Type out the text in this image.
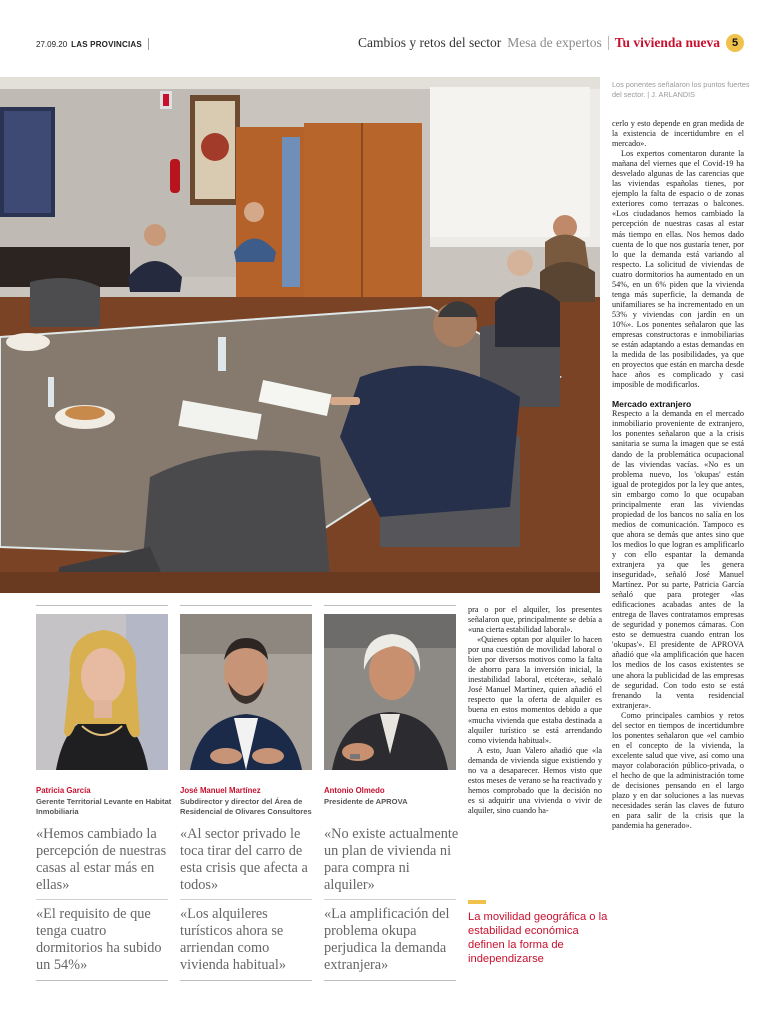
27.09.20 LAS PROVINCIAS	Cambios y retos del sector Mesa de expertos Tu vivienda nueva	5
Los ponentes señalaron los puntos fuertes del sector. | J. ARLANDIS

cerlo y esto depende en gran medida de la existencia de incertidumbre en el mercado».

Los expertos comentaron durante la mañana del viernes que el Covid-19 ha desvelado algunas de las carencias que las viviendas españolas tienes, por ejemplo la falta de espacio o de zonas exteriores como terrazas o balcones. «Los ciudadanos hemos cambiado la percepción de nuestras casas al estar más tiempo en ellas. Nos hemos dado cuenta de lo que nos gustaría tener, por lo que la demanda está variando al respecto. La solicitud de viviendas de cuatro dormitorios ha aumentado en un 54%, en un 6% piden que la vivienda tenga más superficie, la demanda de unifamiliares se ha incrementado en un 53% y viviendas con jardín en un 10%». Los ponentes señalaron que las empresas constructoras e inmobiliarias se están adaptando a estas demandas en la medida de las posibilidades, ya que en proyectos que están en marcha desde hace años es complicado y casi imposible de modificarlos.

Mercado extranjero

Respecto a la demanda en el mercado inmobiliario proveniente de extranjero, los ponentes señalaron que a la crisis sanitaria se suma la imagen que se está dando de la problemática ocupacional de las viviendas vacías. «No es un problema nuevo, los 'okupas' están igual de protegidos por la ley que antes, sin embargo como lo que ocupaban principalmente eran las viviendas propiedad de los bancos no salía en los medios de comunicación. Tampoco es que ahora se demás que antes sino que los medios lo que logran es amplificarlo y con ello espantar la demanda extranjera ya que les genera inseguridad», señaló José Manuel Martínez. Por su parte, Patricia García señaló que para proteger «las edificaciones acabadas antes de la entrega de llaves contratamos empresas de seguridad y ponemos cámaras. Con esto se demuestra cuando entran los 'okupas'». El presidente de APROVA añadió que «la amplificación que hacen los medios de los casos existentes se une ahora la publicidad de las empresas de seguridad. Con todo esto se está frenando la venta residencial extranjera».

Como principales cambios y retos del sector en tiempos de incertidumbre los ponentes señalaron que «el cambio en el concepto de la vivienda, la excelente salud que vive, así como una mayor colaboración público-privada, o el hecho de que la administración tome de decisiones pensando en el largo plazo y en dar soluciones a las nuevas necesidades serán las claves de futuro en para salir de la crisis que la pandemia ha generado».

pra o por el alquiler, los presentes señalaron que, principalmente se debía a «una cierta estabilidad laboral».

«Quienes optan por alquiler lo hacen por una cuestión de movilidad laboral o bien por diversos motivos como la falta de ahorro para la inversión inicial, la inestabilidad laboral, etcétera», señaló José Manuel Martínez, quien añadió el respecto que la oferta de alquiler es buena en estos momentos debido a que «mucha vivienda que estaba destinada a alquiler turístico se está arrendando como vivienda habitual».

A esto, Juan Valero añadió que «la demanda de vivienda sigue existiendo y no va a desaparecer. Hemos visto que estos meses de verano se ha reactivado y hemos comprobado que la decisión no es si adquirir una vivienda o vivir de alquiler, sino cuando ha-

La movilidad geográfica o la estabilidad económica definen la forma de independizarse
Patricia García
Gerente Territorial Levante en Habitat Inmobiliaria
«Hemos cambiado la percepción de nuestras casas al estar más en ellas»
«El requisito de que tenga cuatro dormitorios ha subido un 54%»
José Manuel Martínez
Subdirector y director del Área de Residencial de Olivares Consultores
«Al sector privado le toca tirar del carro de esta crisis que afecta a todos»
«Los alquileres turísticos ahora se arriendan como vivienda habitual»
Antonio Olmedo
Presidente de APROVA
«No existe actualmente un plan de vivienda ni para compra ni alquiler»
«La amplificación del problema okupa perjudica la demanda extranjera»
